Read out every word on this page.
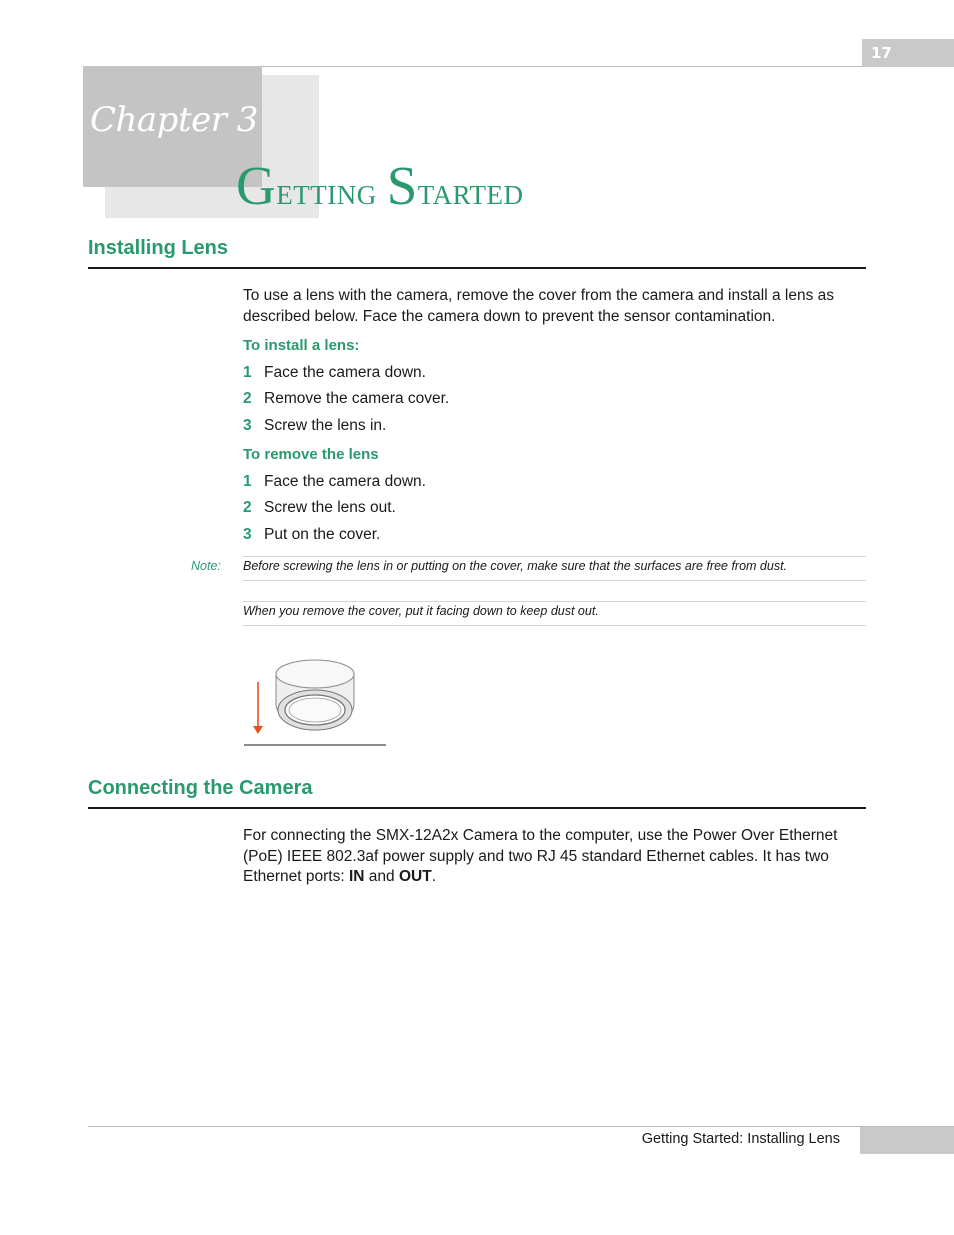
17
Chapter 3
Getting Started
Installing Lens
To use a lens with the camera, remove the cover from the camera and install a lens as described below. Face the camera down to prevent the sensor contamination.
To install a lens:
1 Face the camera down.
2 Remove the camera cover.
3 Screw the lens in.
To remove the lens
1 Face the camera down.
2 Screw the lens out.
3 Put on the cover.
Note: Before screwing the lens in or putting on the cover, make sure that the surfaces are free from dust.
When you remove the cover, put it facing down to keep dust out.
Connecting the Camera
For connecting the SMX-12A2x Camera to the computer, use the Power Over Ethernet (PoE) IEEE 802.3af power supply and two RJ 45 standard Ethernet cables. It has two Ethernet ports: IN and OUT.
Getting Started: Installing Lens
